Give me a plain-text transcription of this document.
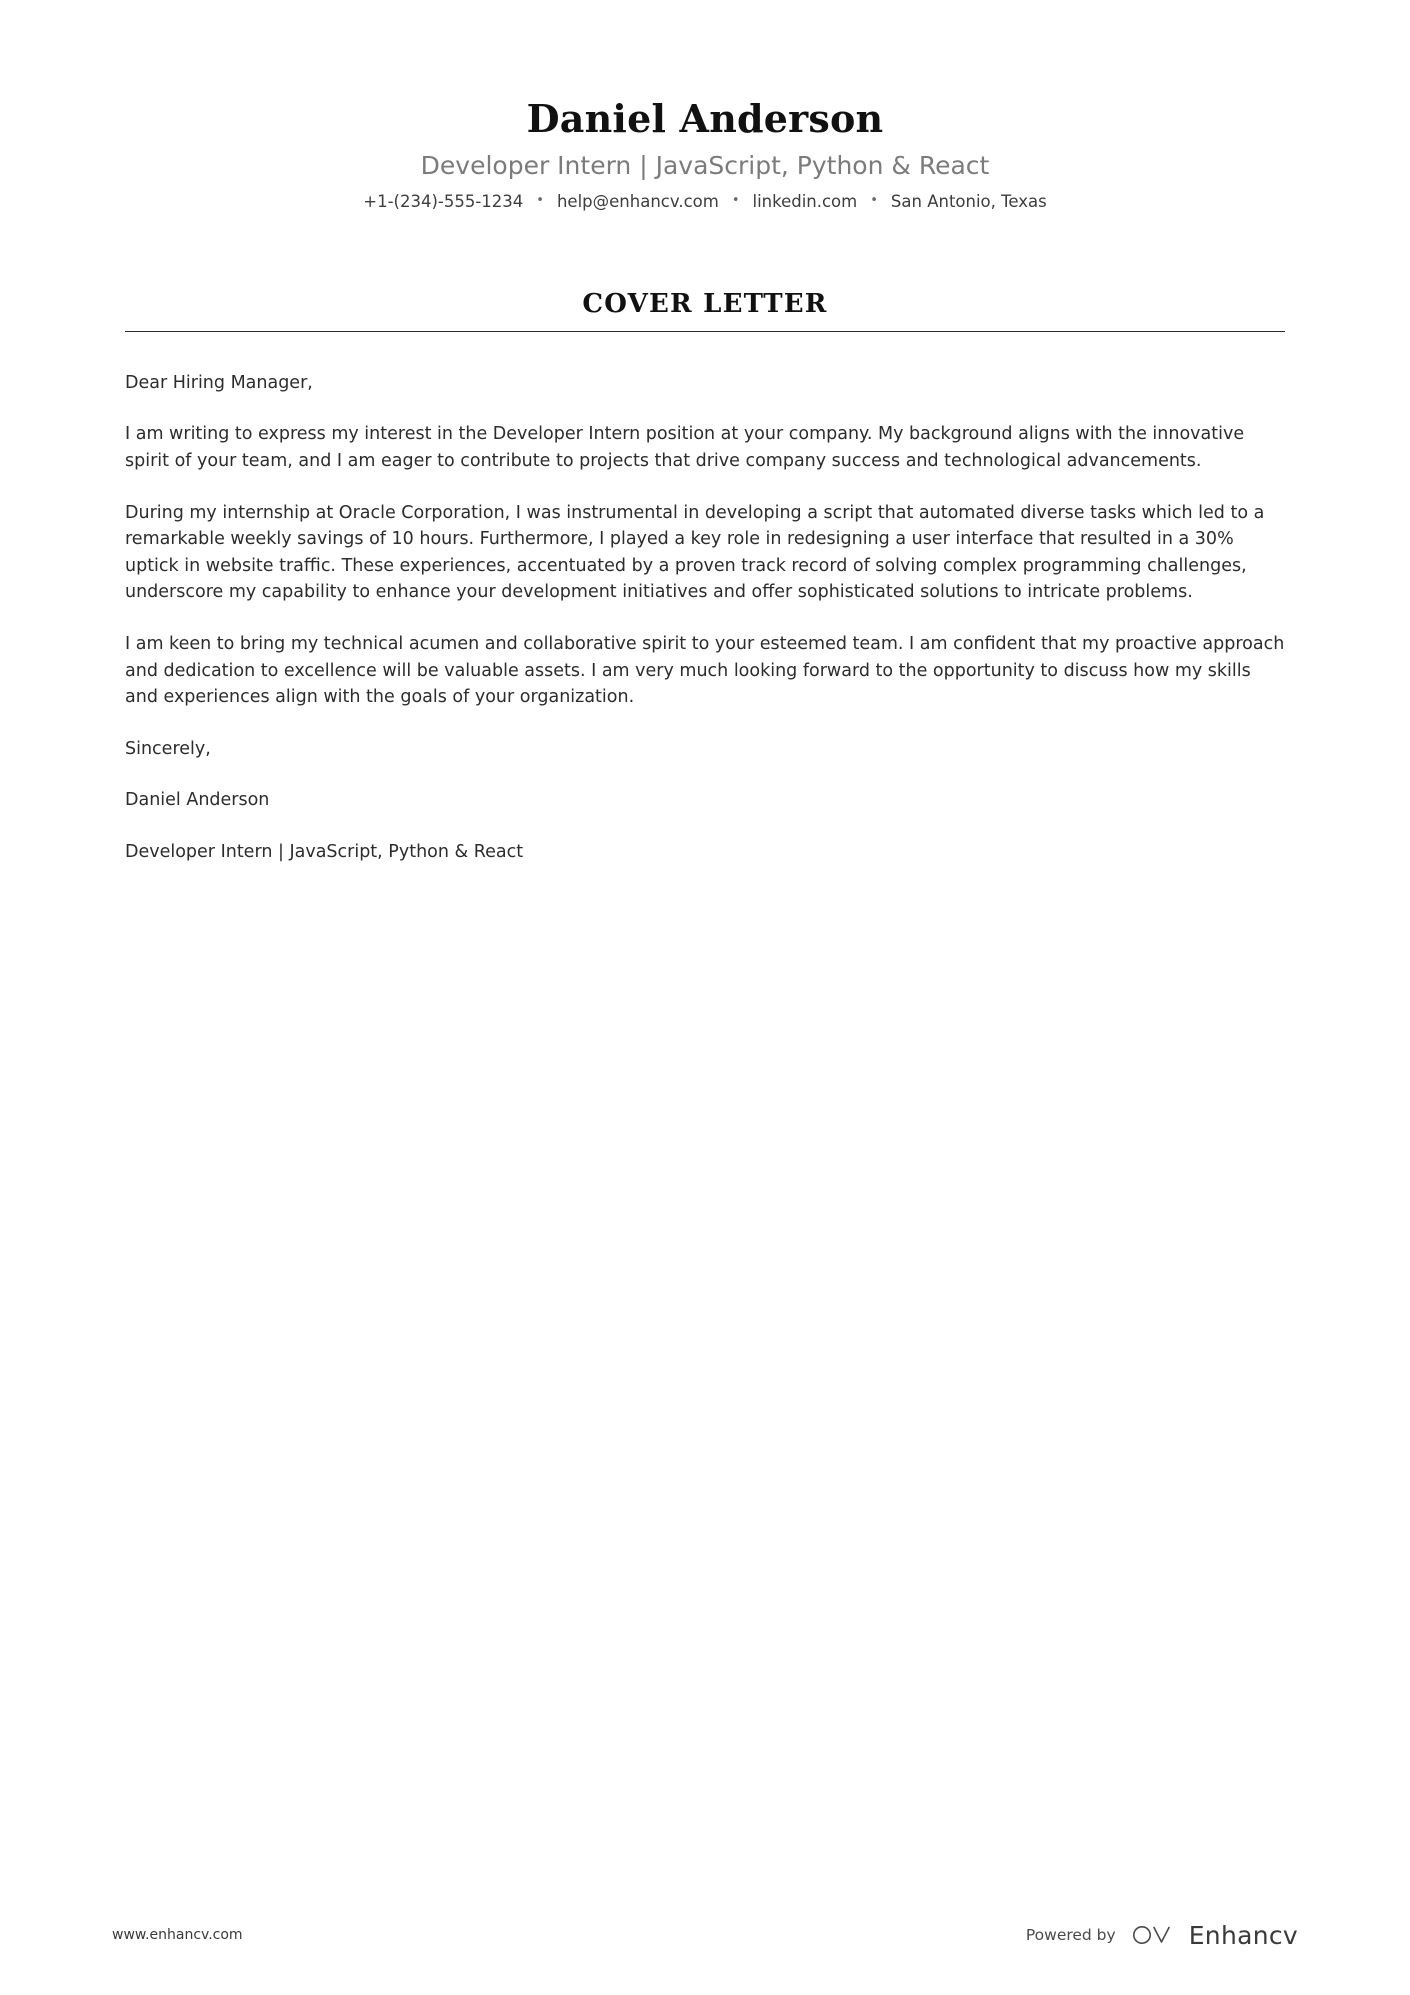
Daniel Anderson
Developer Intern | JavaScript, Python & React
+1-(234)-555-1234 • help@enhancv.com • linkedin.com • San Antonio, Texas
COVER LETTER

Dear Hiring Manager,

I am writing to express my interest in the Developer Intern position at your company. My background aligns with the innovative spirit of your team, and I am eager to contribute to projects that drive company success and technological advancements.

During my internship at Oracle Corporation, I was instrumental in developing a script that automated diverse tasks which led to a remarkable weekly savings of 10 hours. Furthermore, I played a key role in redesigning a user interface that resulted in a 30% uptick in website traffic. These experiences, accentuated by a proven track record of solving complex programming challenges, underscore my capability to enhance your development initiatives and offer sophisticated solutions to intricate problems.

I am keen to bring my technical acumen and collaborative spirit to your esteemed team. I am confident that my proactive approach and dedication to excellence will be valuable assets. I am very much looking forward to the opportunity to discuss how my skills and experiences align with the goals of your organization.

Sincerely,

Daniel Anderson

Developer Intern | JavaScript, Python & React

www.enhancv.com	Powered by	Enhancv
